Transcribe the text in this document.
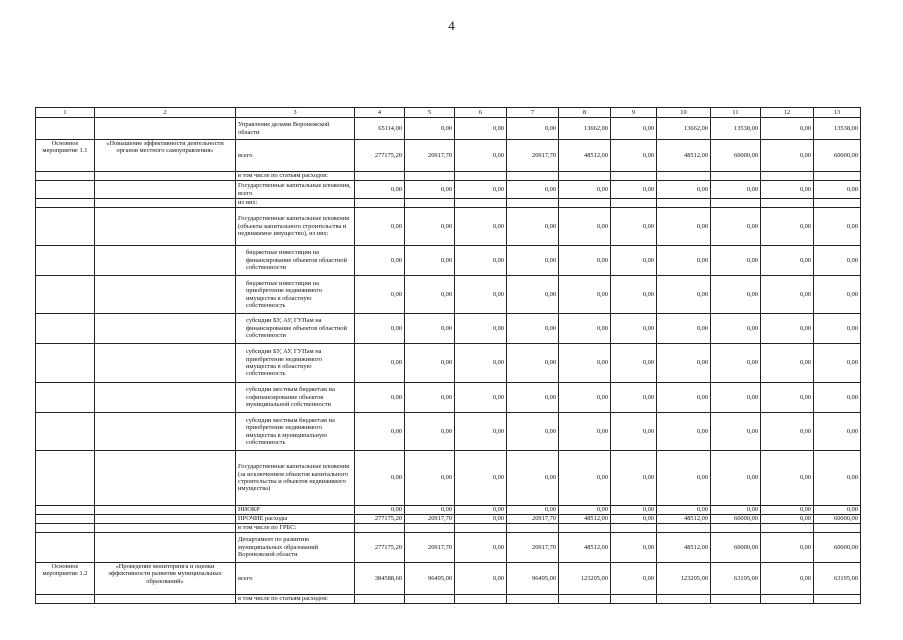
4
1	2	3	4	5	6	7	8	9	10	11	12	13
		Управление делами Воронежской области	65114,00	0,00	0,00	0,00	13662,00	0,00	13662,00	13538,00	0,00	13538,00
Основное мероприятие 1.1	«Повышение эффективности деятельности органов местного самоуправления»	всего	277175,20	20917,70	0,00	20917,70	48512,00	0,00	48512,00	60000,00	0,00	60000,00
		в том числе по статьям расходов:										
		Государственные капитальные вложения, всего	0,00	0,00	0,00	0,00	0,00	0,00	0,00	0,00	0,00	0,00
		из них:										
		Государственные капитальные вложения (объекты капитального строительства и недвижимое имущество), из них:	0,00	0,00	0,00	0,00	0,00	0,00	0,00	0,00	0,00	0,00
		бюджетные инвестиции на финансирование объектов областной собственности	0,00	0,00	0,00	0,00	0,00	0,00	0,00	0,00	0,00	0,00
		бюджетные инвестиции на приобретение недвижимого имущества в областную собственность	0,00	0,00	0,00	0,00	0,00	0,00	0,00	0,00	0,00	0,00
		субсидии БУ, АУ, ГУПам на финансирование объектов областной собственности	0,00	0,00	0,00	0,00	0,00	0,00	0,00	0,00	0,00	0,00
		субсидии БУ, АУ, ГУПам на приобретение недвижимого имущества в областную собственность	0,00	0,00	0,00	0,00	0,00	0,00	0,00	0,00	0,00	0,00
		субсидии местным бюджетам на софинансирование объектов муниципальной собственности	0,00	0,00	0,00	0,00	0,00	0,00	0,00	0,00	0,00	0,00
		субсидии местным бюджетам на приобретение недвижимого имущества в муниципальную собственность	0,00	0,00	0,00	0,00	0,00	0,00	0,00	0,00	0,00	0,00
		Государственные капитальные вложения (за исключением объектов капитального строительства и объектов недвижимого имущества)	0,00	0,00	0,00	0,00	0,00	0,00	0,00	0,00	0,00	0,00
		НИОКР	0,00	0,00	0,00	0,00	0,00	0,00	0,00	0,00	0,00	0,00
		ПРОЧИЕ расходы	277175,20	20917,70	0,00	20917,70	48512,00	0,00	48512,00	60000,00	0,00	60000,00
		в том числе по ГРБС:										
		Департамент по развитию муниципальных образований Воронежской области	277175,20	20917,70	0,00	20917,70	48512,00	0,00	48512,00	60000,00	0,00	60000,00
Основное мероприятие 1.2	«Проведение мониторинга и оценки эффективности развития муниципальных образований»	всего	384588,60	96495,00	0,00	96495,00	123205,00	0,00	123205,00	63195,00	0,00	63195,00
		в том числе по статьям расходов:										
